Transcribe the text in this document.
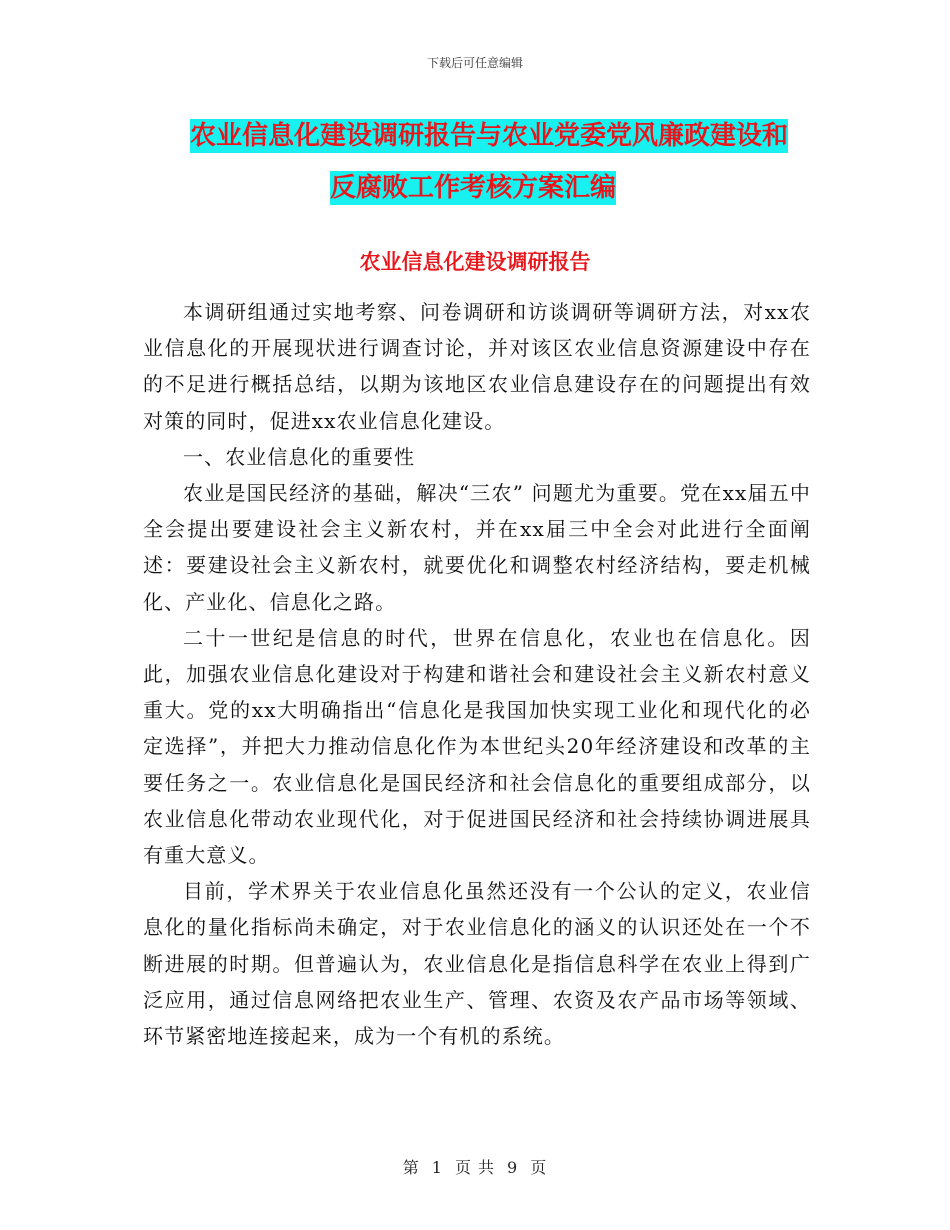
下载后可任意编辑
农业信息化建设调研报告与农业党委党风廉政建设和
反腐败工作考核方案汇编
农业信息化建设调研报告

本调研组通过实地考察、问卷调研和访谈调研等调研方法，对xx农业信息化的开展现状进行调查讨论，并对该区农业信息资源建设中存在的不足进行概括总结，以期为该地区农业信息建设存在的问题提出有效对策的同时，促进xx农业信息化建设。

一、农业信息化的重要性

农业是国民经济的基础，解决“三农” 问题尤为重要。党在xx届五中全会提出要建设社会主义新农村，并在xx届三中全会对此进行全面阐述：要建设社会主义新农村，就要优化和调整农村经济结构，要走机械化、产业化、信息化之路。

二十一世纪是信息的时代，世界在信息化，农业也在信息化。因此，加强农业信息化建设对于构建和谐社会和建设社会主义新农村意义重大。党的xx大明确指出“信息化是我国加快实现工业化和现代化的必定选择”，并把大力推动信息化作为本世纪头20年经济建设和改革的主要任务之一。农业信息化是国民经济和社会信息化的重要组成部分，以农业信息化带动农业现代化，对于促进国民经济和社会持续协调进展具有重大意义。

目前，学术界关于农业信息化虽然还没有一个公认的定义，农业信息化的量化指标尚未确定，对于农业信息化的涵义的认识还处在一个不断进展的时期。但普遍认为，农业信息化是指信息科学在农业上得到广泛应用，通过信息网络把农业生产、管理、农资及农产品市场等领域、环节紧密地连接起来，成为一个有机的系统。

第 1 页 共 9 页
